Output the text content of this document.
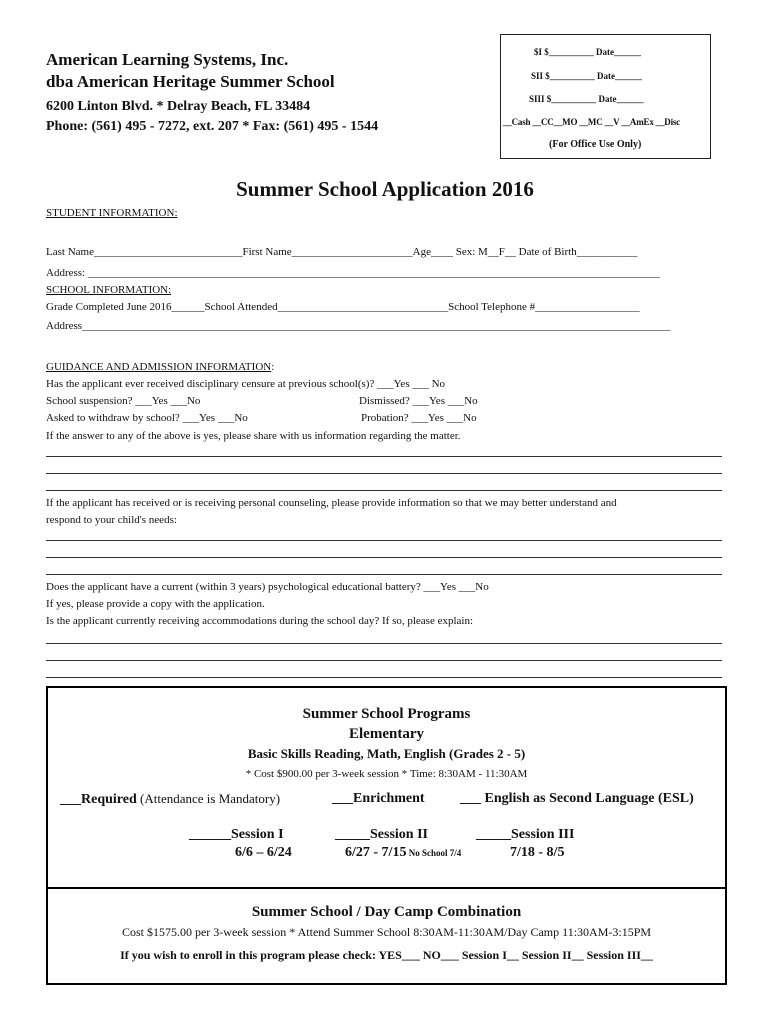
American Learning Systems, Inc.
dba American Heritage Summer School
6200 Linton Blvd. * Delray Beach, FL 33484
Phone: (561) 495 - 7272, ext. 207 * Fax: (561) 495 - 1544
$I $__________ Date______
SII $__________ Date______
SIII $__________ Date______
__Cash __CC__MO __MC __V __AmEx __Disc
(For Office Use Only)
Summer School Application 2016
STUDENT INFORMATION:
Last Name___________________________First Name______________________Age____ Sex: M__F__ Date of Birth___________
Address: ________________________________________________________________________________________________________
SCHOOL INFORMATION:
Grade Completed June 2016______School Attended_______________________________School Telephone #___________________
Address___________________________________________________________________________________________________________
GUIDANCE AND ADMISSION INFORMATION:
Has the applicant ever received disciplinary censure at previous school(s)? ___Yes ___ No
School suspension? ___Yes ___No	Dismissed? ___Yes ___No
Asked to withdraw by school? ___Yes ___No	Probation? ___Yes ___No
If the answer to any of the above is yes, please share with us information regarding the matter.
If the applicant has received or is receiving personal counseling, please provide information so that we may better understand and
respond to your child's needs:
Does the applicant have a current (within 3 years) psychological educational battery? ___Yes ___No
If yes, please provide a copy with the application.
Is the applicant currently receiving accommodations during the school day? If so, please explain:
Summer School Programs
Elementary
Basic Skills Reading, Math, English (Grades 2 - 5)
* Cost $900.00 per 3-week session * Time: 8:30AM - 11:30AM
___Required (Attendance is Mandatory)	___Enrichment	___ English as Second Language (ESL)
______Session I
6/6 – 6/24
_____Session II
6/27 - 7/15 No School 7/4
_____Session III
7/18 - 8/5
Summer School / Day Camp Combination
Cost $1575.00 per 3-week session * Attend Summer School 8:30AM-11:30AM/Day Camp 11:30AM-3:15PM
If you wish to enroll in this program please check: YES___ NO___ Session I__ Session II__ Session III__
